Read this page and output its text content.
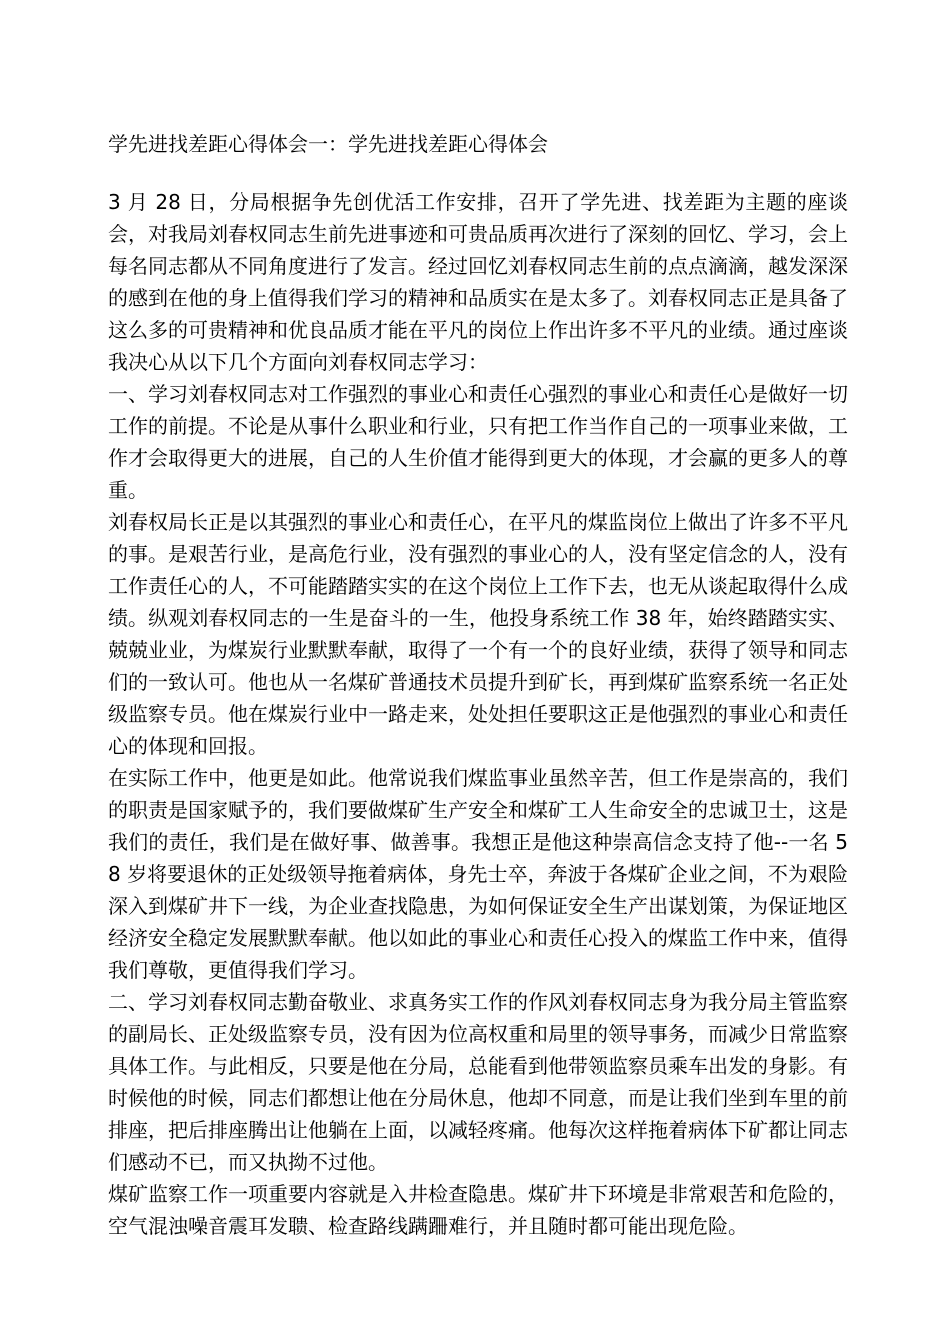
学先进找差距心得体会一：学先进找差距心得体会

3 月 28 日，分局根据争先创优活工作安排，召开了学先进、找差距为主题的座谈会，对我局刘春权同志生前先进事迹和可贵品质再次进行了深刻的回忆、学习，会上每名同志都从不同角度进行了发言。经过回忆刘春权同志生前的点点滴滴，越发深深的感到在他的身上值得我们学习的精神和品质实在是太多了。刘春权同志正是具备了这么多的可贵精神和优良品质才能在平凡的岗位上作出许多不平凡的业绩。通过座谈我决心从以下几个方面向刘春权同志学习：

一、学习刘春权同志对工作强烈的事业心和责任心强烈的事业心和责任心是做好一切工作的前提。不论是从事什么职业和行业，只有把工作当作自己的一项事业来做，工作才会取得更大的进展，自己的人生价值才能得到更大的体现，才会赢的更多人的尊重。

刘春权局长正是以其强烈的事业心和责任心，在平凡的煤监岗位上做出了许多不平凡的事。是艰苦行业，是高危行业，没有强烈的事业心的人，没有坚定信念的人，没有工作责任心的人，不可能踏踏实实的在这个岗位上工作下去，也无从谈起取得什么成绩。纵观刘春权同志的一生是奋斗的一生，他投身系统工作 38 年，始终踏踏实实、兢兢业业，为煤炭行业默默奉献，取得了一个有一个的良好业绩，获得了领导和同志们的一致认可。他也从一名煤矿普通技术员提升到矿长，再到煤矿监察系统一名正处级监察专员。他在煤炭行业中一路走来，处处担任要职这正是他强烈的事业心和责任心的体现和回报。

在实际工作中，他更是如此。他常说我们煤监事业虽然辛苦，但工作是崇高的，我们的职责是国家赋予的，我们要做煤矿生产安全和煤矿工人生命安全的忠诚卫士，这是我们的责任，我们是在做好事、做善事。我想正是他这种崇高信念支持了他--一名 58 岁将要退休的正处级领导拖着病体，身先士卒，奔波于各煤矿企业之间，不为艰险深入到煤矿井下一线，为企业查找隐患，为如何保证安全生产出谋划策，为保证地区经济安全稳定发展默默奉献。他以如此的事业心和责任心投入的煤监工作中来，值得我们尊敬，更值得我们学习。

二、学习刘春权同志勤奋敬业、求真务实工作的作风刘春权同志身为我分局主管监察的副局长、正处级监察专员，没有因为位高权重和局里的领导事务，而减少日常监察具体工作。与此相反，只要是他在分局，总能看到他带领监察员乘车出发的身影。有时候他的时候，同志们都想让他在分局休息，他却不同意，而是让我们坐到车里的前排座，把后排座腾出让他躺在上面，以减轻疼痛。他每次这样拖着病体下矿都让同志们感动不已，而又执拗不过他。

煤矿监察工作一项重要内容就是入井检查隐患。煤矿井下环境是非常艰苦和危险的，空气混浊噪音震耳发聩、检查路线蹒跚难行，并且随时都可能出现危险。
